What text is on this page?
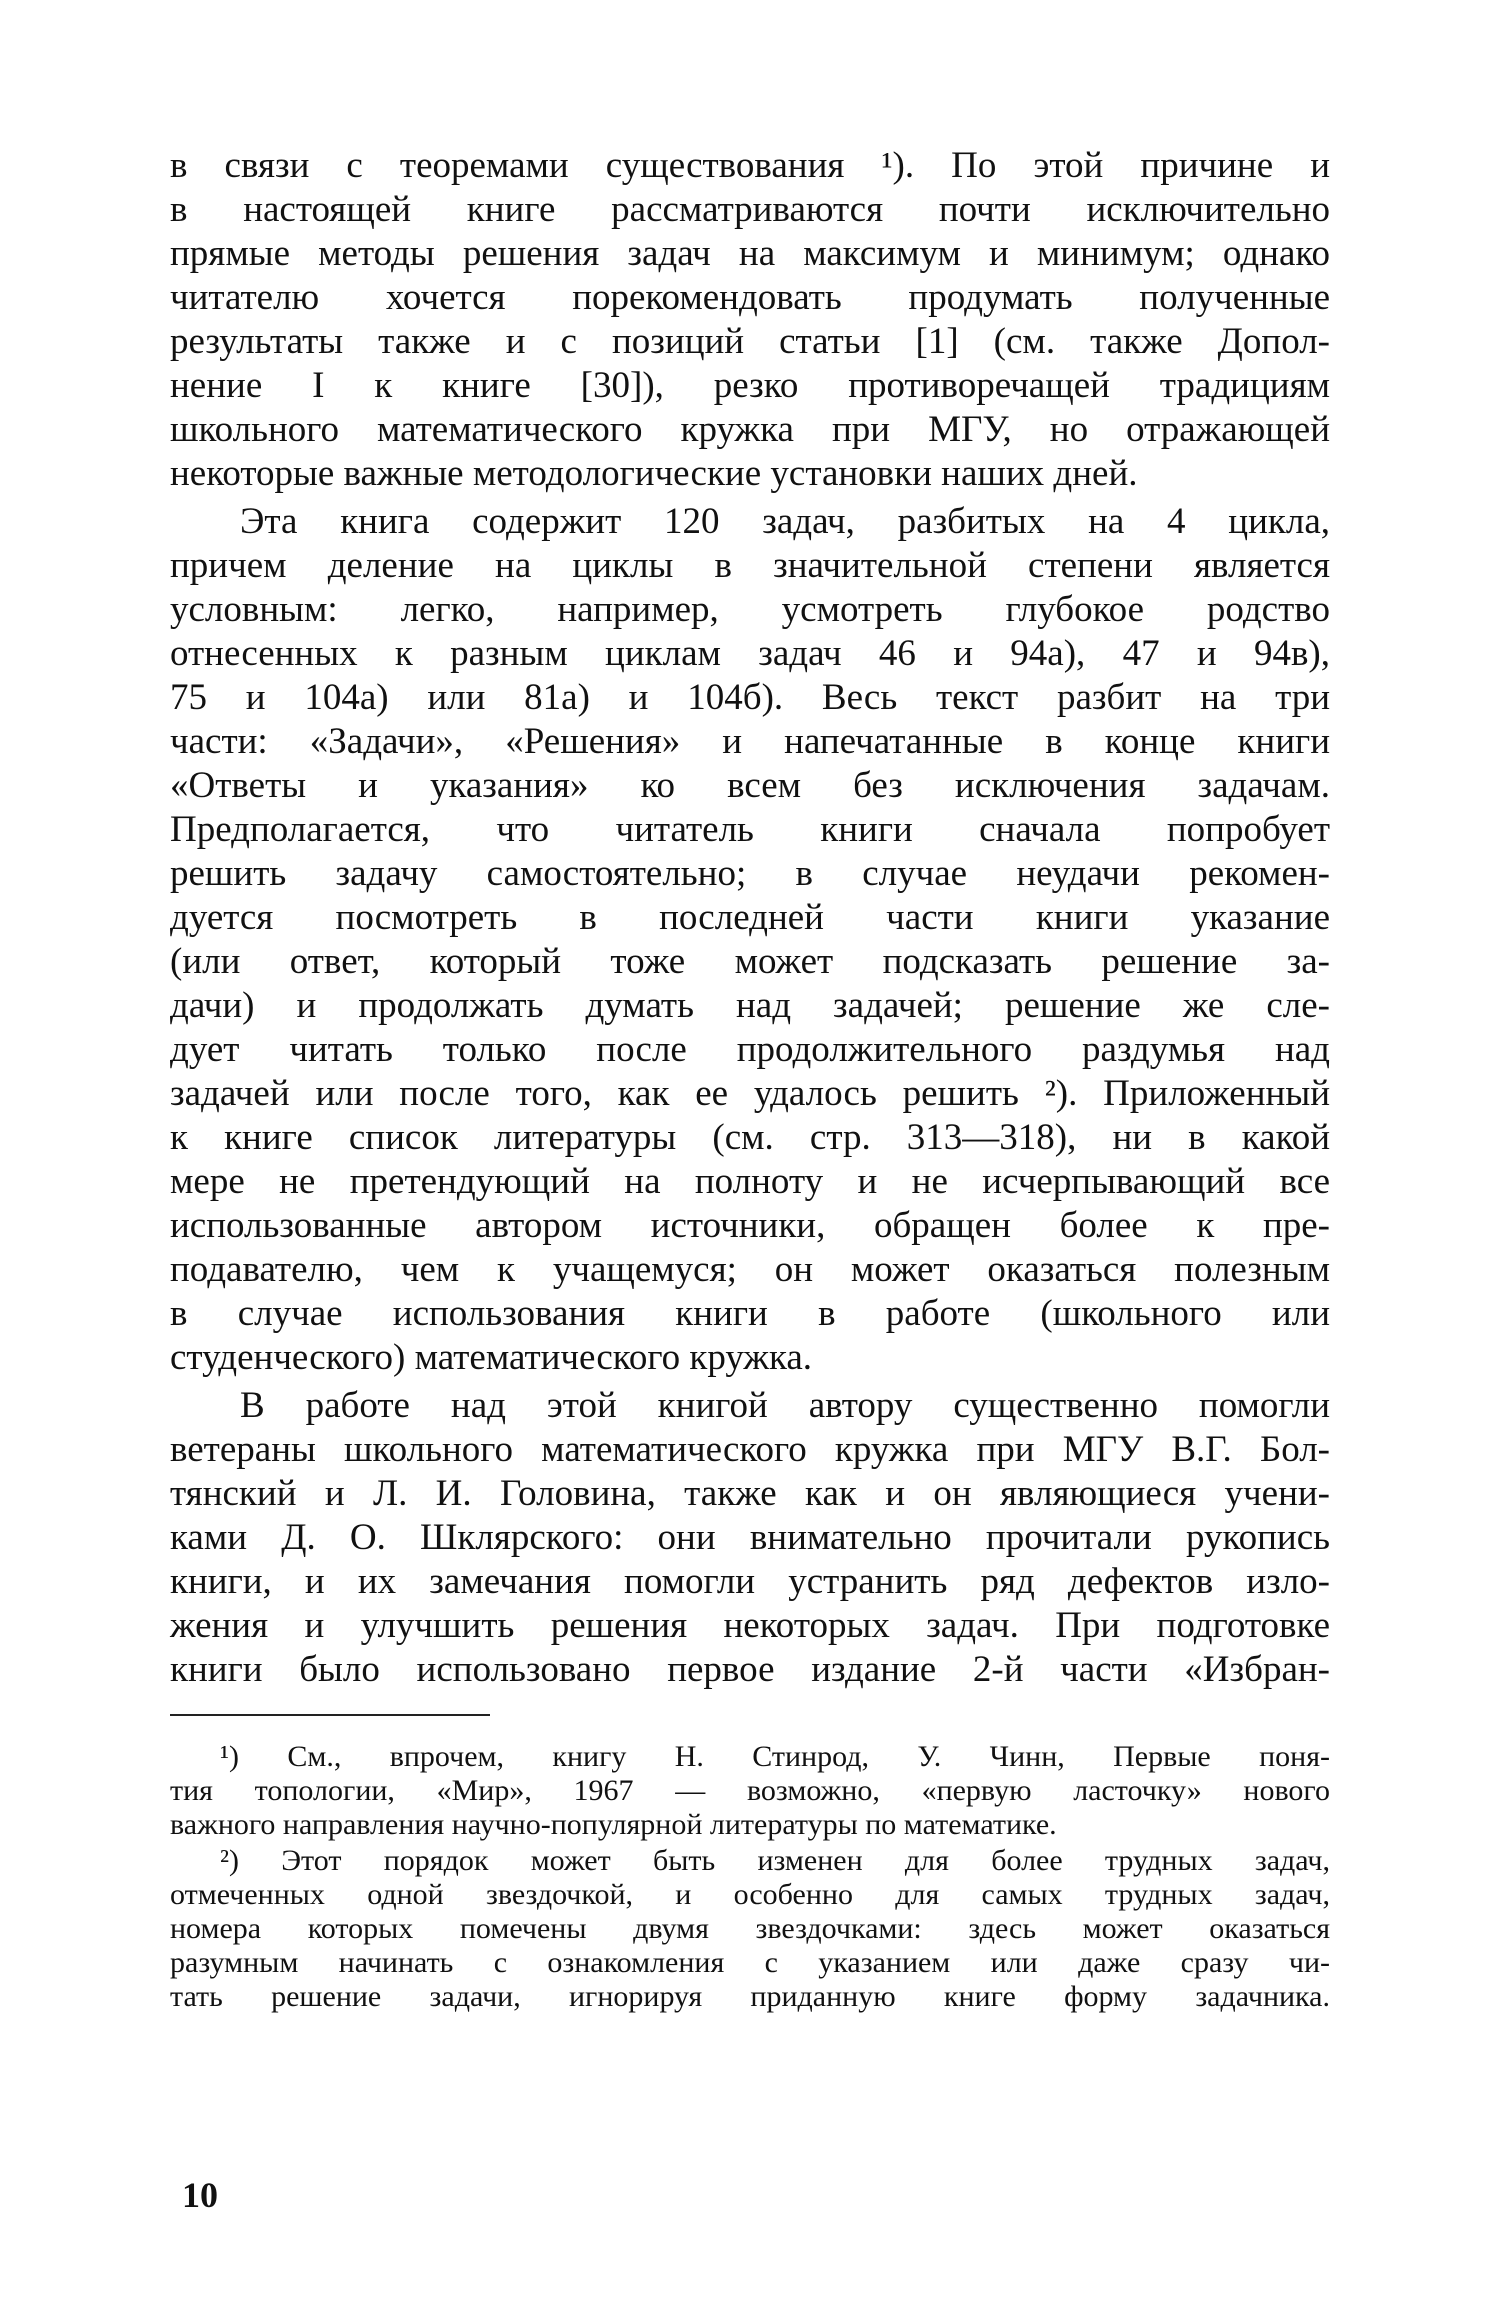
в связи с теоремами существования ¹). По этой причине и
в настоящей книге рассматриваются почти исключительно
прямые методы решения задач на максимум и минимум; однако
читателю хочется порекомендовать продумать полученные
результаты также и с позиций статьи [1] (см. также Допол-
нение I к книге [30]), резко противоречащей традициям
школьного математического кружка при МГУ, но отражающей
некоторые важные методологические установки наших дней.
Эта книга содержит 120 задач, разбитых на 4 цикла,
причем деление на циклы в значительной степени является
условным: легко, например, усмотреть глубокое родство
отнесенных к разным циклам задач 46 и 94а), 47 и 94в),
75 и 104а) или 81а) и 104б). Весь текст разбит на три
части: «Задачи», «Решения» и напечатанные в конце книги
«Ответы и указания» ко всем без исключения задачам.
Предполагается, что читатель книги сначала попробует
решить задачу самостоятельно; в случае неудачи рекомен-
дуется посмотреть в последней части книги указание
(или ответ, который тоже может подсказать решение за-
дачи) и продолжать думать над задачей; решение же сле-
дует читать только после продолжительного раздумья над
задачей или после того, как ее удалось решить ²). Приложенный
к книге список литературы (см. стр. 313—318), ни в какой
мере не претендующий на полноту и не исчерпывающий все
использованные автором источники, обращен более к пре-
подавателю, чем к учащемуся; он может оказаться полезным
в случае использования книги в работе (школьного или
студенческого) математического кружка.
В работе над этой книгой автору существенно помогли
ветераны школьного математического кружка при МГУ В.Г. Бол-
тянский и Л. И. Головина, также как и он являющиеся учени-
ками Д. О. Шклярского: они внимательно прочитали рукопись
книги, и их замечания помогли устранить ряд дефектов изло-
жения и улучшить решения некоторых задач. При подготовке
книги было использовано первое издание 2-й части «Избран-
¹) См., впрочем, книгу Н. Стинрод, У. Чинн, Первые поня-
тия топологии, «Мир», 1967 — возможно, «первую ласточку» нового
важного направления научно-популярной литературы по математике.
²) Этот порядок может быть изменен для более трудных задач,
отмеченных одной звездочкой, и особенно для самых трудных задач,
номера которых помечены двумя звездочками: здесь может оказаться
разумным начинать с ознакомления с указанием или даже сразу чи-
тать решение задачи, игнорируя приданную книге форму задачника.
10
